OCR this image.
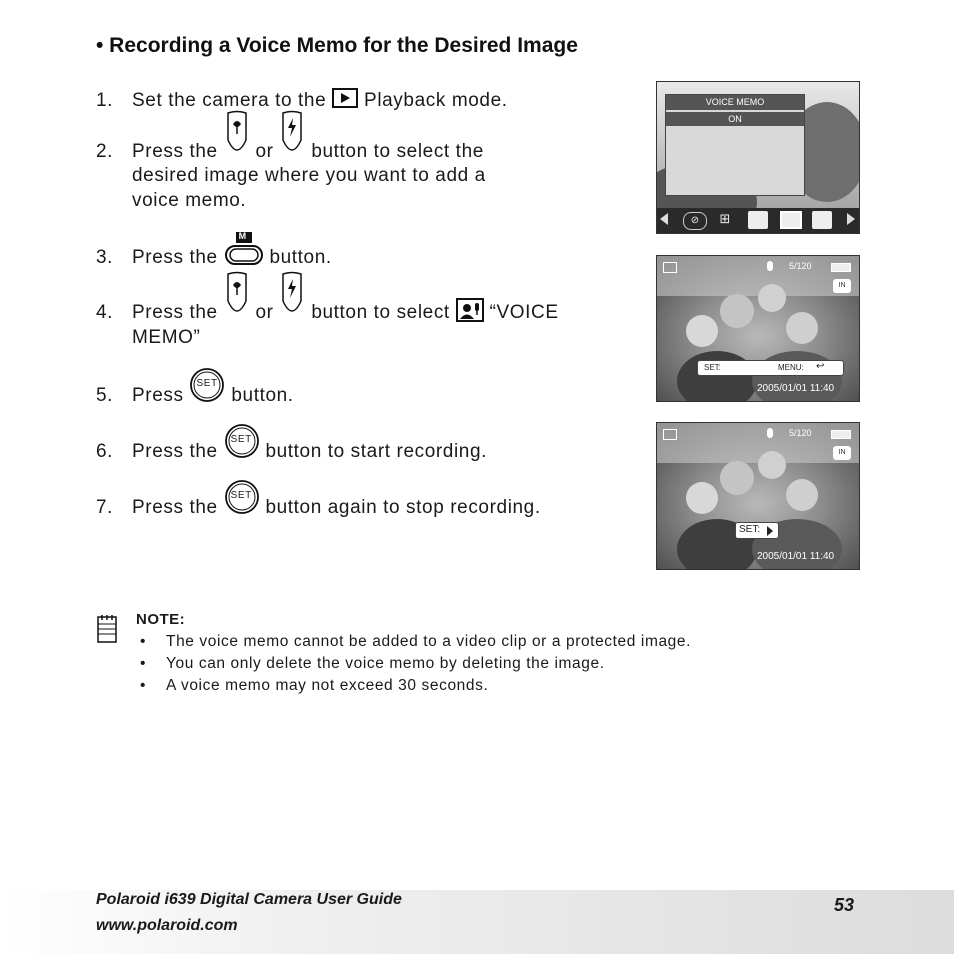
• Recording a Voice Memo for the Desired Image
1. Set the camera to the Playback mode.
2. Press the or button to select the
desired image where you want to add a
voice memo.
3. Press the
M
button.
4. Press the or button to select “VOICE
MEMO”
5. Press
SET
button.
6. Press the
SET
button to start recording.
7. Press the
SET
button again to stop recording.
VOICE MEMO
ON
⊘	⊞
5/120
IN
SET:	MENU: ↩
2005/01/01 11:40
5/120
IN
SET:
2005/01/01 11:40
NOTE:
• The voice memo cannot be added to a video clip or a protected image.
• You can only delete the voice memo by deleting the image.
• A voice memo may not exceed 30 seconds.
Polaroid i639 Digital Camera User Guide
www.polaroid.com
53
